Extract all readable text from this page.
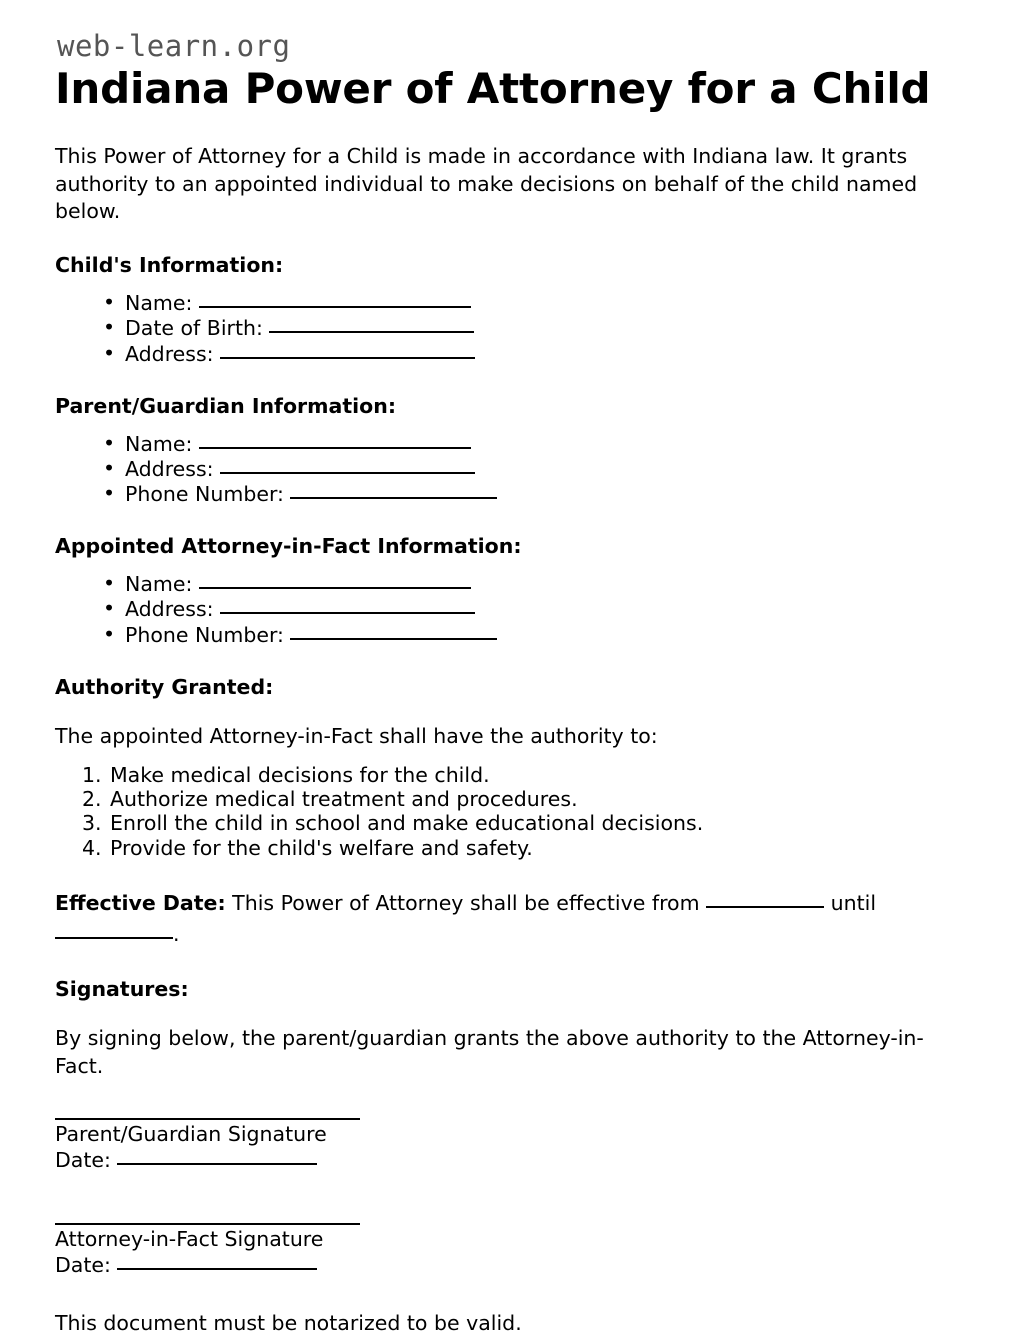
web-learn.org
Indiana Power of Attorney for a Child

This Power of Attorney for a Child is made in accordance with Indiana law. It grants authority to an appointed individual to make decisions on behalf of the child named below.

Child's Information:
• Name:
• Date of Birth:
• Address:
Parent/Guardian Information:
• Name:
• Address:
• Phone Number:
Appointed Attorney-in-Fact Information:
• Name:
• Address:
• Phone Number:
Authority Granted:

The appointed Attorney-in-Fact shall have the authority to:

Make medical decisions for the child.
Authorize medical treatment and procedures.
Enroll the child in school and make educational decisions.
Provide for the child's welfare and safety.

Effective Date: This Power of Attorney shall be effective from	until .

Signatures:

By signing below, the parent/guardian grants the above authority to the Attorney-in-Fact.

Parent/Guardian Signature
Date:
Attorney-in-Fact Signature
Date:

This document must be notarized to be valid.
